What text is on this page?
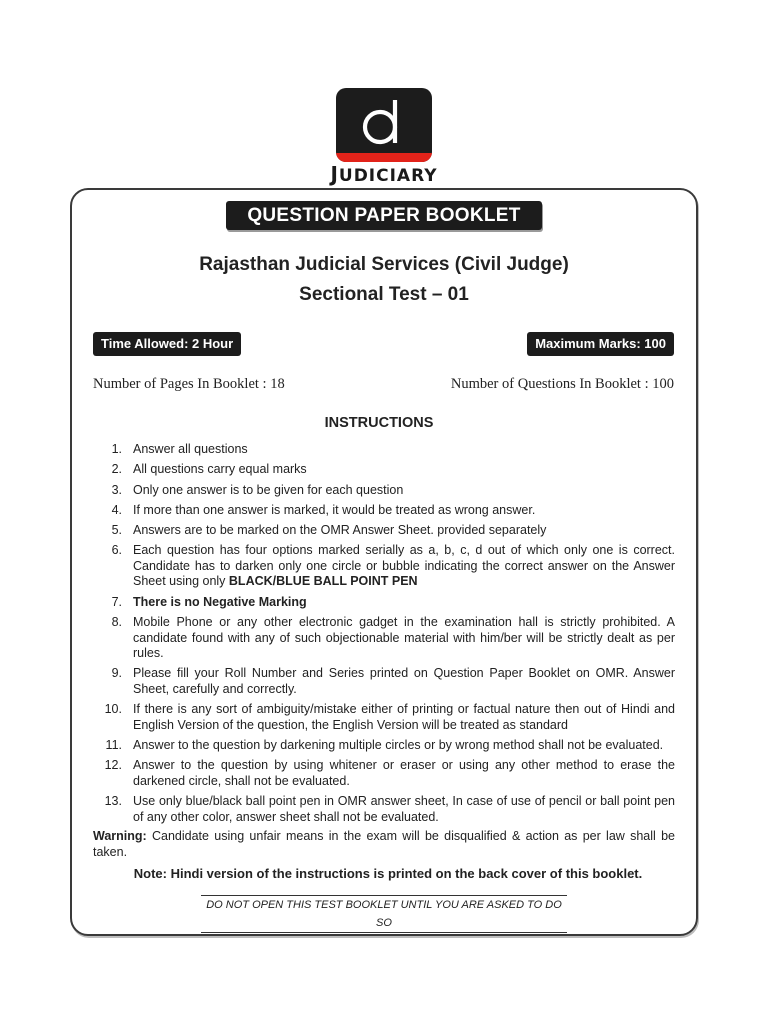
JUDICIARY
QUESTION PAPER BOOKLET
Rajasthan Judicial Services (Civil Judge)
Sectional Test – 01
Time Allowed: 2 Hour	Maximum Marks: 100
Number of Pages In Booklet : 18	Number of Questions In Booklet : 100
INSTRUCTIONS
1. Answer all questions
2. All questions carry equal marks
3. Only one answer is to be given for each question
4. If more than one answer is marked, it would be treated as wrong answer.
5. Answers are to be marked on the OMR Answer Sheet. provided separately
6. Each question has four options marked serially as a, b, c, d out of which only one is correct. Candidate has to darken only one circle or bubble indicating the correct answer on the Answer Sheet using only BLACK/BLUE BALL POINT PEN
7. There is no Negative Marking
8. Mobile Phone or any other electronic gadget in the examination hall is strictly prohibited. A candidate found with any of such objectionable material with him/ber will be strictly dealt as per rules.
9. Please fill your Roll Number and Series printed on Question Paper Booklet on OMR. Answer Sheet, carefully and correctly.
10. If there is any sort of ambiguity/mistake either of printing or factual nature then out of Hindi and English Version of the question, the English Version will be treated as standard
11. Answer to the question by darkening multiple circles or by wrong method shall not be evaluated.
12. Answer to the question by using whitener or eraser or using any other method to erase the darkened circle, shall not be evaluated.
13. Use only blue/black ball point pen in OMR answer sheet, In case of use of pencil or ball point pen of any other color, answer sheet shall not be evaluated.
Warning: Candidate using unfair means in the exam will be disqualified & action as per law shall be taken.
Note: Hindi version of the instructions is printed on the back cover of this booklet.
DO NOT OPEN THIS TEST BOOKLET UNTIL YOU ARE ASKED TO DO SO
